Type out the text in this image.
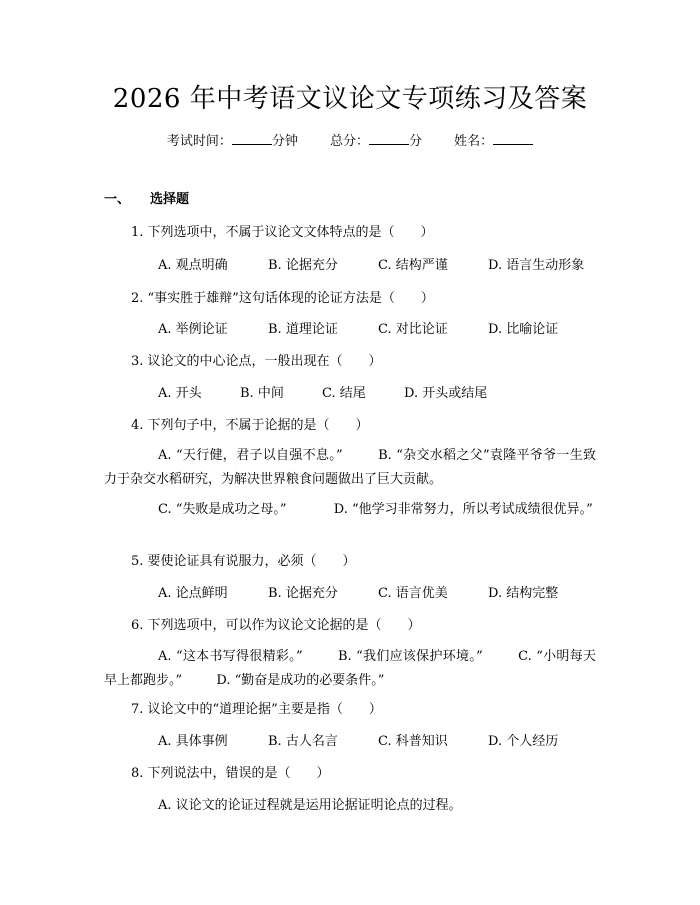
2026 年中考语文议论文专项练习及答案
考试时间：	分钟 总分：	分 姓名：
一、 选择题
1. 下列选项中，不属于议论文文体特点的是（　　）
A. 观点明确	B. 论据充分	C. 结构严谨	D. 语言生动形象
2. “事实胜于雄辩”这句话体现的论证方法是（　　）
A. 举例论证	B. 道理论证	C. 对比论证	D. 比喻论证
3. 议论文的中心论点，一般出现在（　　）
A. 开头	B. 中间	C. 结尾	D. 开头或结尾
4. 下列句子中，不属于论据的是（　　）
A. “天行健，君子以自强不息。” 　　 B. “杂交水稻之父”袁隆平爷爷一生致力于杂交水稻研究，为解决世界粮食问题做出了巨大贡献。
C. “失败是成功之母。” 　　　 D. “他学习非常努力，所以考试成绩很优异。”
5. 要使论证具有说服力，必须（　　）
A. 论点鲜明	B. 论据充分	C. 语言优美	D. 结构完整
6. 下列选项中，可以作为议论文论据的是（　　）
A. “这本书写得很精彩。” 　　 B. “我们应该保护环境。” 　　 C. “小明每天早上都跑步。” 　　 D. “勤奋是成功的必要条件。”
7. 议论文中的“道理论据”主要是指（　　）
A. 具体事例	B. 古人名言	C. 科普知识	D. 个人经历
8. 下列说法中，错误的是（　　）
A. 议论文的论证过程就是运用论据证明论点的过程。
